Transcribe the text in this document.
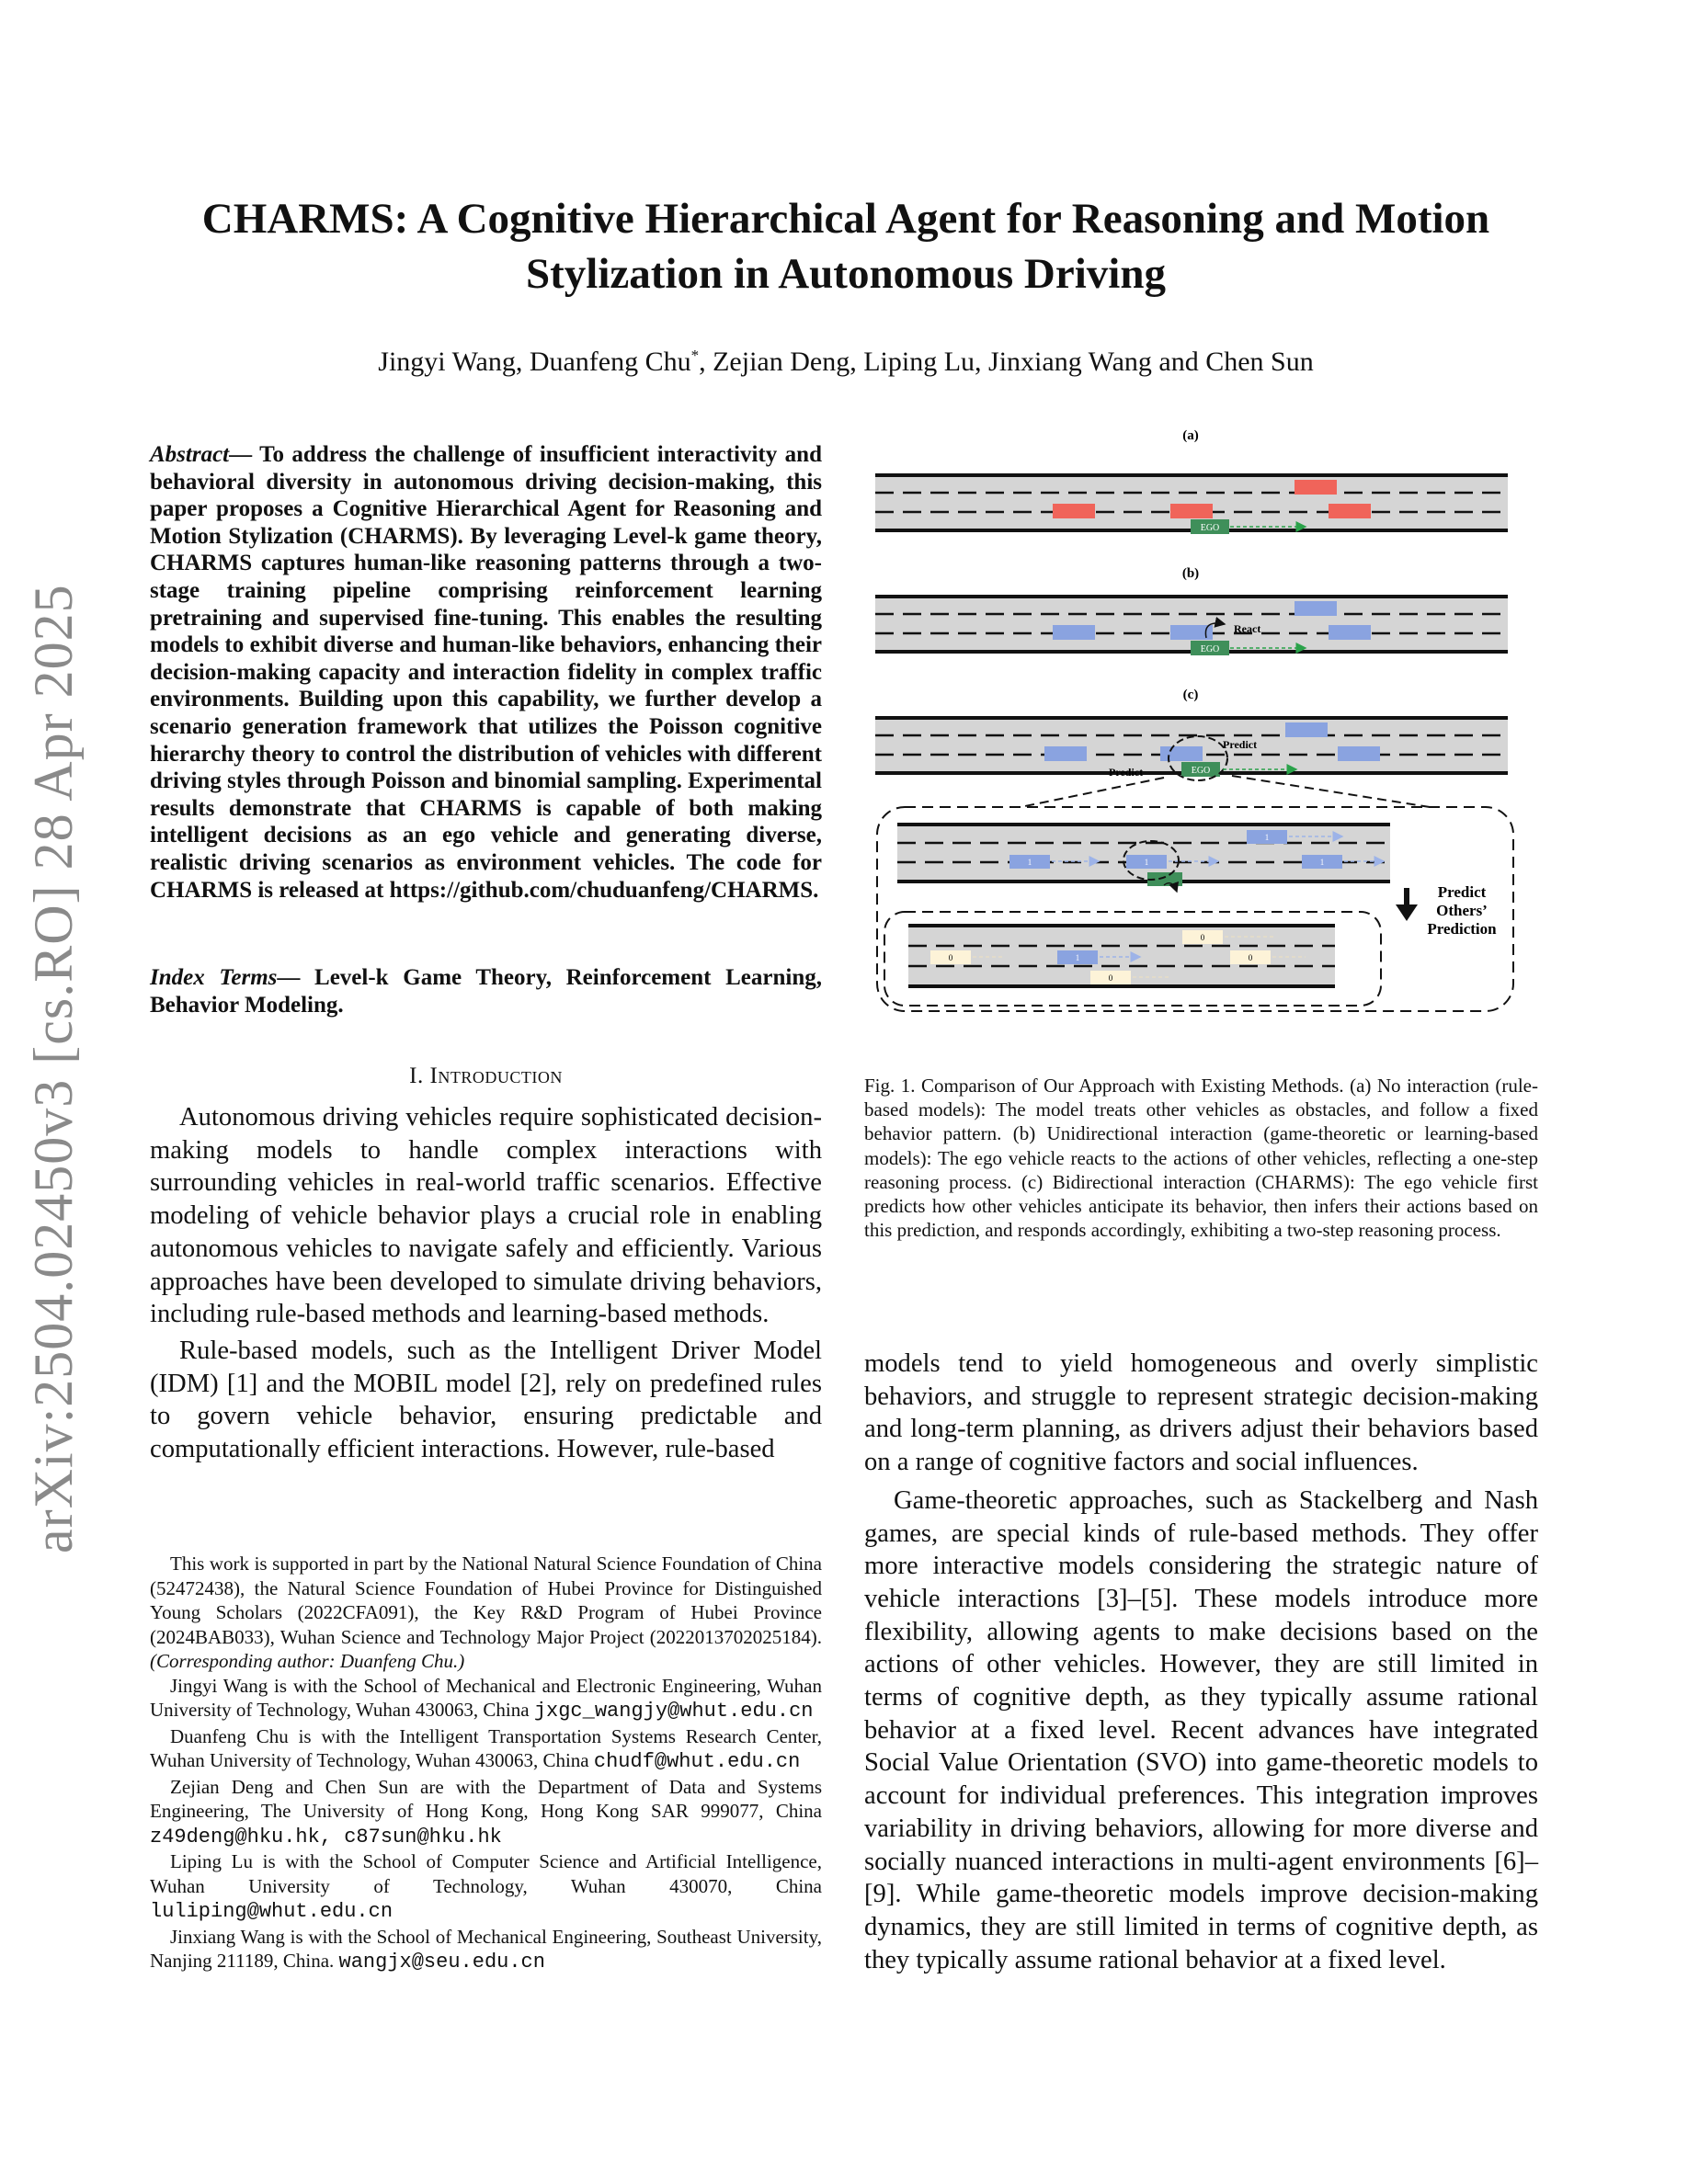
arXiv:2504.02450v3 [cs.RO] 28 Apr 2025
CHARMS: A Cognitive Hierarchical Agent for Reasoning and Motion
Stylization in Autonomous Driving
Jingyi Wang, Duanfeng Chu*, Zejian Deng, Liping Lu, Jinxiang Wang and Chen Sun
Abstract— To address the challenge of insufficient interactivity and behavioral diversity in autonomous driving decision-making, this paper proposes a Cognitive Hierarchical Agent for Reasoning and Motion Stylization (CHARMS). By leveraging Level-k game theory, CHARMS captures human-like reasoning patterns through a two-stage training pipeline comprising reinforcement learning pretraining and supervised fine-tuning. This enables the resulting models to exhibit diverse and human-like behaviors, enhancing their decision-making capacity and interaction fidelity in complex traffic environments. Building upon this capability, we further develop a scenario generation framework that utilizes the Poisson cognitive hierarchy theory to control the distribution of vehicles with different driving styles through Poisson and binomial sampling. Experimental results demonstrate that CHARMS is capable of both making intelligent decisions as an ego vehicle and generating diverse, realistic driving scenarios as environment vehicles. The code for CHARMS is released at https://github.com/chuduanfeng/CHARMS.
Index Terms— Level-k Game Theory, Reinforcement Learning, Behavior Modeling.
I. Introduction

Autonomous driving vehicles require sophisticated decision-making models to handle complex interactions with surrounding vehicles in real-world traffic scenarios. Effective modeling of vehicle behavior plays a crucial role in enabling autonomous vehicles to navigate safely and efficiently. Various approaches have been developed to simulate driving behaviors, including rule-based methods and learning-based methods.

Rule-based models, such as the Intelligent Driver Model (IDM) [1] and the MOBIL model [2], rely on predefined rules to govern vehicle behavior, ensuring predictable and computationally efficient interactions. However, rule-based

This work is supported in part by the National Natural Science Foundation of China (52472438), the Natural Science Foundation of Hubei Province for Distinguished Young Scholars (2022CFA091), the Key R&D Program of Hubei Province (2024BAB033), Wuhan Science and Technology Major Project (2022013702025184). (Corresponding author: Duanfeng Chu.)

Jingyi Wang is with the School of Mechanical and Electronic Engineering, Wuhan University of Technology, Wuhan 430063, China jxgc_wangjy@whut.edu.cn

Duanfeng Chu is with the Intelligent Transportation Systems Research Center, Wuhan University of Technology, Wuhan 430063, China chudf@whut.edu.cn

Zejian Deng and Chen Sun are with the Department of Data and Systems Engineering, The University of Hong Kong, Hong Kong SAR 999077, China z49deng@hku.hk, c87sun@hku.hk

Liping Lu is with the School of Computer Science and Artificial Intelligence, Wuhan University of Technology, Wuhan 430070, China luliping@whut.edu.cn

Jinxiang Wang is with the School of Mechanical Engineering, Southeast University, Nanjing 211189, China. wangjx@seu.edu.cn

(a)
EGO
(b)
EGO
React
(c)
EGO
Predict
Predict
1
1	1	1
0
0	1	0
0
Predict
Others’
Prediction
Fig. 1. Comparison of Our Approach with Existing Methods. (a) No interaction (rule-based models): The model treats other vehicles as obstacles, and follow a fixed behavior pattern. (b) Unidirectional interaction (game-theoretic or learning-based models): The ego vehicle reacts to the actions of other vehicles, reflecting a one-step reasoning process. (c) Bidirectional interaction (CHARMS): The ego vehicle first predicts how other vehicles anticipate its behavior, then infers their actions based on this prediction, and responds accordingly, exhibiting a two-step reasoning process.

models tend to yield homogeneous and overly simplistic behaviors, and struggle to represent strategic decision-making and long-term planning, as drivers adjust their behaviors based on a range of cognitive factors and social influences.

Game-theoretic approaches, such as Stackelberg and Nash games, are special kinds of rule-based methods. They offer more interactive models considering the strategic nature of vehicle interactions [3]–[5]. These models introduce more flexibility, allowing agents to make decisions based on the actions of other vehicles. However, they are still limited in terms of cognitive depth, as they typically assume rational behavior at a fixed level. Recent advances have integrated Social Value Orientation (SVO) into game-theoretic models to account for individual preferences. This integration improves variability in driving behaviors, allowing for more diverse and socially nuanced interactions in multi-agent environments [6]–[9]. While game-theoretic models improve decision-making dynamics, they are still limited in terms of cognitive depth, as they typically assume rational behavior at a fixed level.
